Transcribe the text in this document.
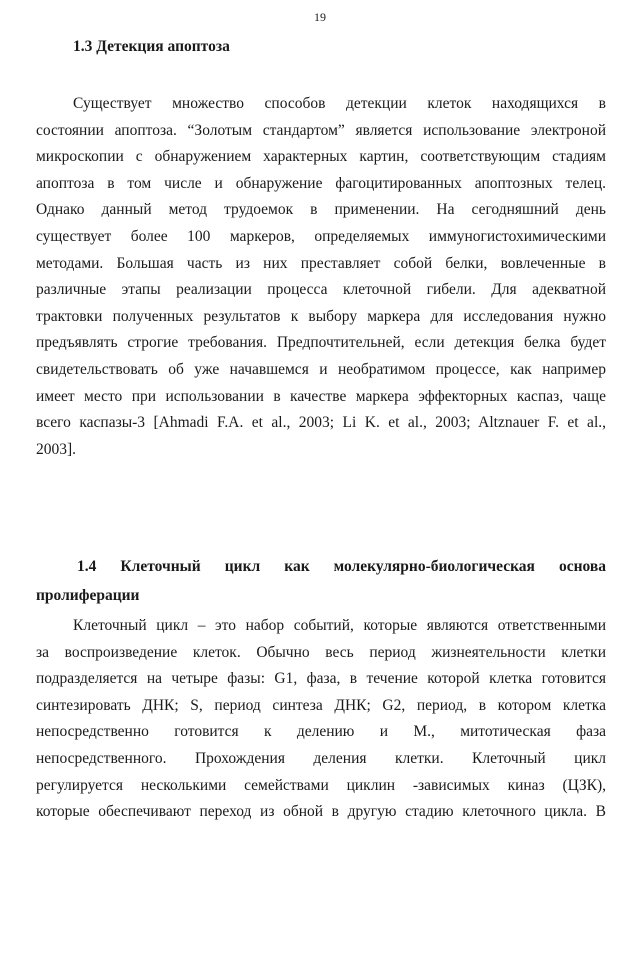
19
1.3 Детекция апоптоза
Существует множество способов детекции клеток находящихся в
состоянии апоптоза. “Золотым стандартом” является использование электроной
микроскопии с обнаружением характерных картин, соответствующим стадиям
апоптоза в том числе и обнаружение фагоцитированных апоптозных телец.
Однако данный метод трудоемок в применении. На сегодняшний день
существует более 100 маркеров, определяемых иммуногистохимическими
методами. Большая часть из них преставляет собой белки, вовлеченные в
различные этапы реализации процесса клеточной гибели. Для адекватной
трактовки полученных результатов к выбору маркера для исследования нужно
предъявлять строгие требования. Предпочтительней, если детекция белка будет
свидетельствовать об уже начавшемся и необратимом процессе, как например
имеет место при использовании в качестве маркера эффекторных каспаз, чаще
всего каспазы-3 [Ahmadi F.A. et al., 2003; Li K. et al., 2003; Altznauer F. et al.,
2003].
1.4 Клеточный цикл как молекулярно-биологическая основа
пролиферации
Клеточный цикл – это набор событий, которые являются ответственными
за воспроизведение клеток. Обычно весь период жизнеятельности клетки
подразделяется на четыре фазы: G1, фаза, в течение которой клетка готовится
синтезировать ДНК; S, период синтеза ДНК; G2, период, в котором клетка
непосредственно готовится к делению и М., митотическая фаза
непосредственного. Прохождения деления клетки. Клеточный цикл
регулируется несколькими семействами циклин -зависимых киназ (ЦЗК),
которые обеспечивают переход из обной в другую стадию клеточного цикла. В
